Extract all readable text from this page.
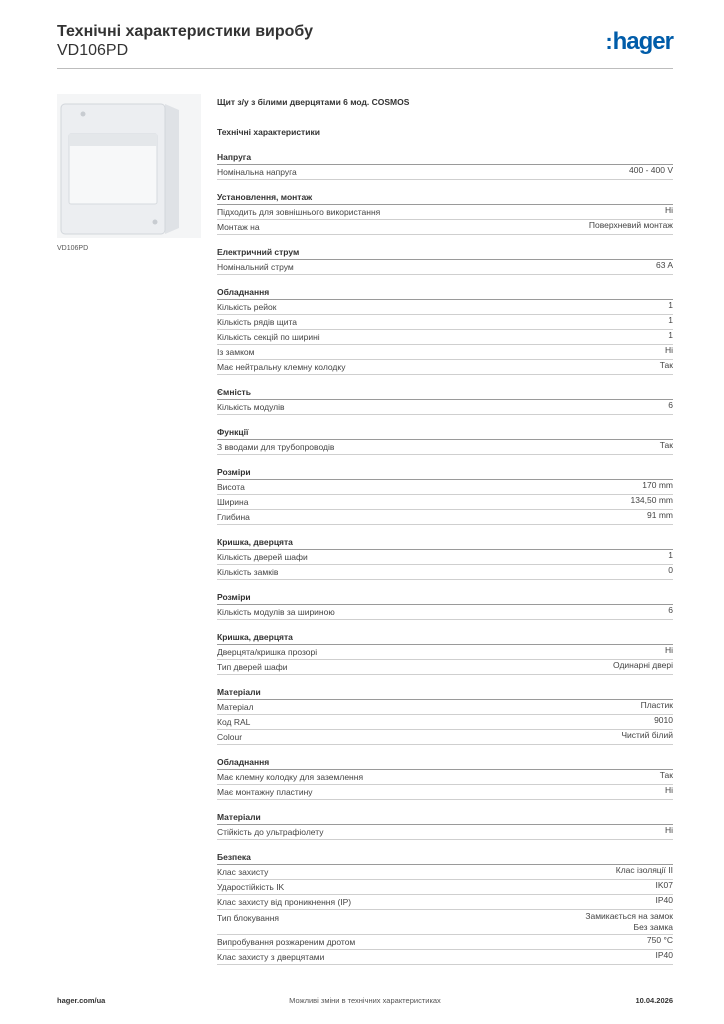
Технічні характеристики виробу

VD106PD	:hager
VD106PD
Щит з/у з білими дверцятами 6 мод. COSMOS
Технічні характеристики
Напруга
Номінальна напруга	400 - 400 V
Установлення, монтаж
Підходить для зовнішнього використання	Ні
Монтаж на	Поверхневий монтаж
Електричний струм
Номінальний струм	63 A
Обладнання
Кількість рейок	1
Кількість рядів щита	1
Кількість секцій по ширині	1
Із замком	Ні
Має нейтральну клемну колодку	Так
Ємність
Кількість модулів	6
Функції
З вводами для трубопроводів	Так
Розміри
Висота	170 mm
Ширина	134,50 mm
Глибина	91 mm
Кришка, дверцята
Кількість дверей шафи	1
Кількість замків	0
Розміри
Кількість модулів за шириною	6
Кришка, дверцята
Дверцята/кришка прозорі	Ні
Тип дверей шафи	Одинарні двері
Матеріали
Матеріал	Пластик
Код RAL	9010
Colour	Чистий білий
Обладнання
Має клемну колодку для заземлення	Так
Має монтажну пластину	Ні
Матеріали
Стійкість до ультрафіолету	Ні
Безпека
Клас захисту	Клас ізоляції II
Ударостійкість IK	IK07
Клас захисту від проникнення (IP)	IP40
Тип блокування	Замикається на замок
Без замка
Випробування розжареним дротом	750 °C
Клас захисту з дверцятами	IP40
hager.com/ua	Можливі зміни в технічних характеристиках	10.04.2026
